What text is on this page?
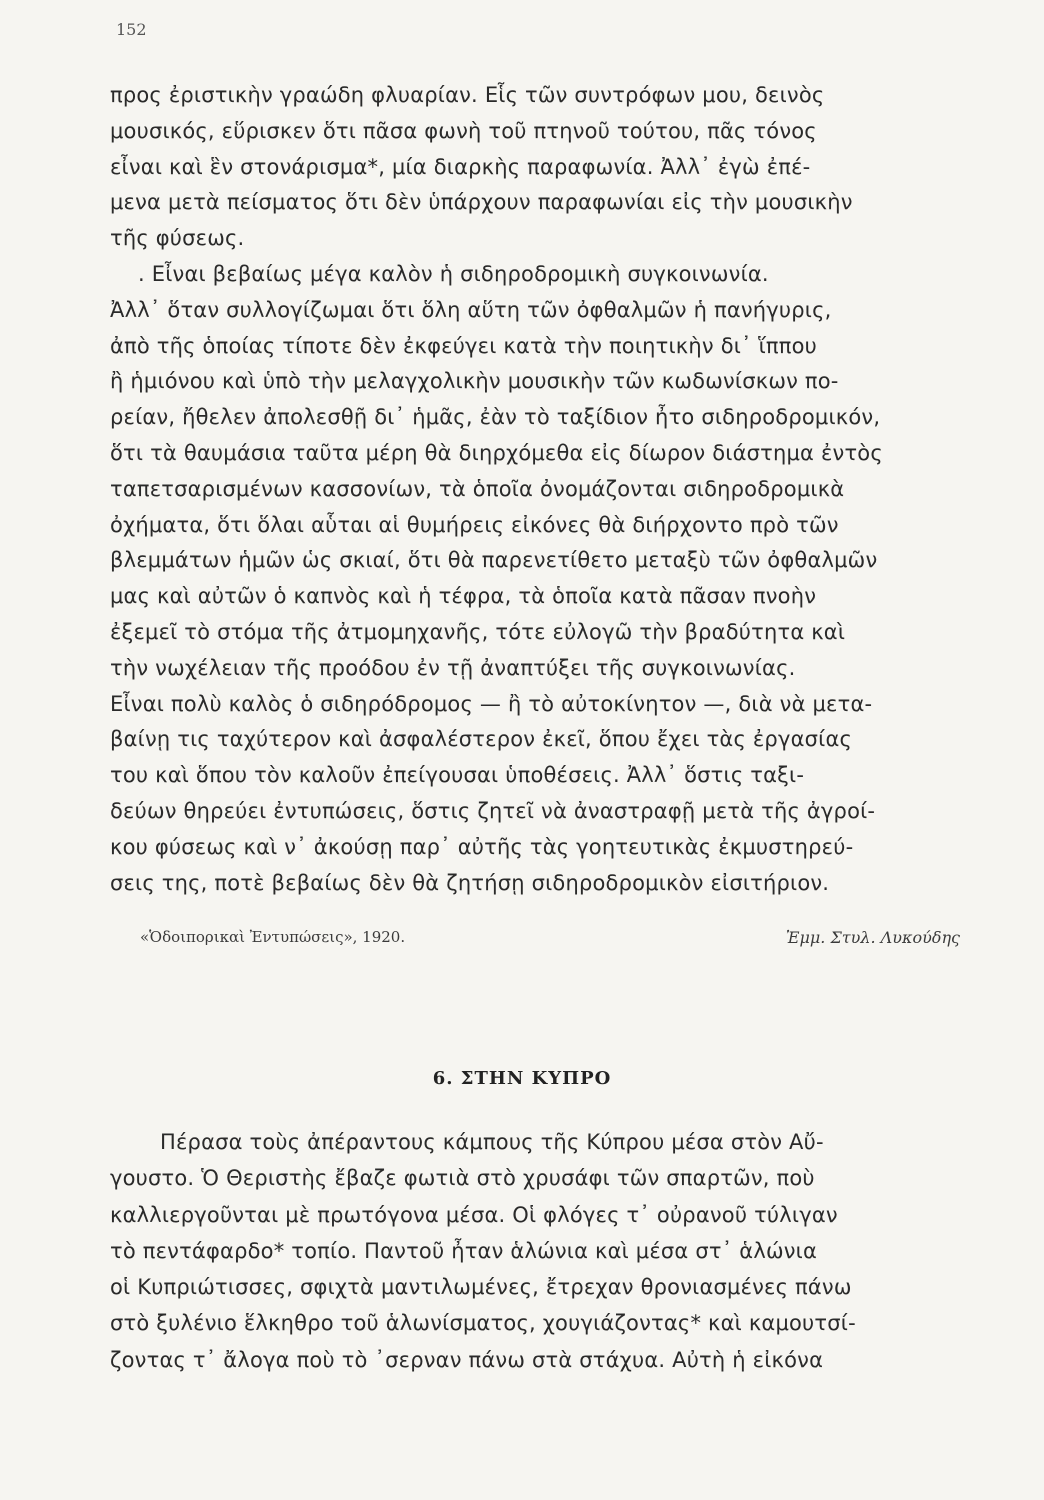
152
προς ἐριστικὴν γραώδη φλυαρίαν. Εἷς τῶν συντρόφων μου, δεινὸς
μουσικός, εὕρισκεν ὅτι πᾶσα φωνὴ τοῦ πτηνοῦ τούτου, πᾶς τόνος
εἶναι καὶ ἓν στονάρισμα*, μία διαρκὴς παραφωνία. Ἀλλ᾽ ἐγὼ ἐπέ-
μενα μετὰ πείσματος ὅτι δὲν ὑπάρχουν παραφωνίαι εἰς τὴν μουσικὴν
τῆς φύσεως.
. Εἶναι βεβαίως μέγα καλὸν ἡ σιδηροδρομικὴ συγκοινωνία.
Ἀλλ᾽ ὅταν συλλογίζωμαι ὅτι ὅλη αὕτη τῶν ὀφθαλμῶν ἡ πανήγυρις,
ἀπὸ τῆς ὁποίας τίποτε δὲν ἐκφεύγει κατὰ τὴν ποιητικὴν δι᾽ ἵππου
ἢ ἡμιόνου καὶ ὑπὸ τὴν μελαγχολικὴν μουσικὴν τῶν κωδωνίσκων πο-
ρείαν, ἤθελεν ἀπολεσθῇ δι᾽ ἡμᾶς, ἐὰν τὸ ταξίδιον ἦτο σιδηροδρομικόν,
ὅτι τὰ θαυμάσια ταῦτα μέρη θὰ διηρχόμεθα εἰς δίωρον διάστημα ἐντὸς
ταπετσαρισμένων κασσονίων, τὰ ὁποῖα ὀνομάζονται σιδηροδρομικὰ
ὀχήματα, ὅτι ὅλαι αὗται αἱ θυμήρεις εἰκόνες θὰ διήρχοντο πρὸ τῶν
βλεμμάτων ἡμῶν ὡς σκιαί, ὅτι θὰ παρενετίθετο μεταξὺ τῶν ὀφθαλμῶν
μας καὶ αὐτῶν ὁ καπνὸς καὶ ἡ τέφρα, τὰ ὁποῖα κατὰ πᾶσαν πνοὴν
ἐξεμεῖ τὸ στόμα τῆς ἀτμομηχανῆς, τότε εὐλογῶ τὴν βραδύτητα καὶ
τὴν νωχέλειαν τῆς προόδου ἐν τῇ ἀναπτύξει τῆς συγκοινωνίας.
Εἶναι πολὺ καλὸς ὁ σιδηρόδρομος — ἢ τὸ αὐτοκίνητον —, διὰ νὰ μετα-
βαίνῃ τις ταχύτερον καὶ ἀσφαλέστερον ἐκεῖ, ὅπου ἔχει τὰς ἐργασίας
του καὶ ὅπου τὸν καλοῦν ἐπείγουσαι ὑποθέσεις. Ἀλλ᾽ ὅστις ταξι-
δεύων θηρεύει ἐντυπώσεις, ὅστις ζητεῖ νὰ ἀναστραφῇ μετὰ τῆς ἀγροί-
κου φύσεως καὶ ν᾽ ἀκούσῃ παρ᾽ αὐτῆς τὰς γοητευτικὰς ἐκμυστηρεύ-
σεις της, ποτὲ βεβαίως δὲν θὰ ζητήσῃ σιδηροδρομικὸν εἰσιτήριον.
«Ὁδοιπορικαὶ Ἐντυπώσεις», 1920.	Ἐμμ. Στυλ. Λυκούδης
6. ΣΤΗΝ ΚΥΠΡΟ
Πέρασα τοὺς ἀπέραντους κάμπους τῆς Κύπρου μέσα στὸν Αὔ-
γουστο. Ὁ Θεριστὴς ἔβαζε φωτιὰ στὸ χρυσάφι τῶν σπαρτῶν, ποὺ
καλλιεργοῦνται μὲ πρωτόγονα μέσα. Οἱ φλόγες τ᾽ οὐρανοῦ τύλιγαν
τὸ πεντάφαρδο* τοπίο. Παντοῦ ἦταν ἁλώνια καὶ μέσα στ᾽ ἁλώνια
οἱ Κυπριώτισσες, σφιχτὰ μαντιλωμένες, ἔτρεχαν θρονιασμένες πάνω
στὸ ξυλένιο ἕλκηθρο τοῦ ἁλωνίσματος, χουγιάζοντας* καὶ καμουτσί-
ζοντας τ᾽ ἄλογα ποὺ τὸ ᾽σερναν πάνω στὰ στάχυα. Αὐτὴ ἡ εἰκόνα
